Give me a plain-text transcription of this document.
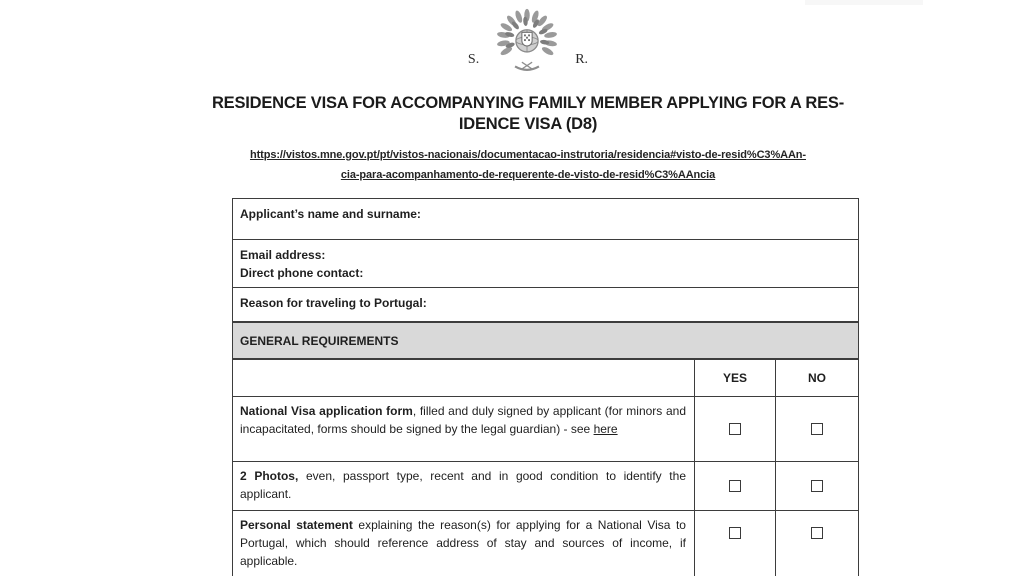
S.	R.
RESIDENCE VISA FOR ACCOMPANYING FAMILY MEMBER APPLYING FOR A RES-
IDENCE VISA (D8)
https://vistos.mne.gov.pt/pt/vistos-nacionais/documentacao-instrutoria/residencia#visto-de-resid%C3%AAn-
cia-para-acompanhamento-de-requerente-de-visto-de-resid%C3%AAncia
Applicant’s name and surname:
Email address:
Direct phone contact:
Reason for traveling to Portugal:
GENERAL REQUIREMENTS
YES	NO
National Visa application form, filled and duly signed by applicant (for minors and incapacitated, forms should be signed by the legal guardian) - see here
2 Photos, even, passport type, recent and in good condition to identify the applicant.
Personal statement explaining the reason(s) for applying for a National Visa to Portugal, which should reference address of stay and sources of income, if applicable.
